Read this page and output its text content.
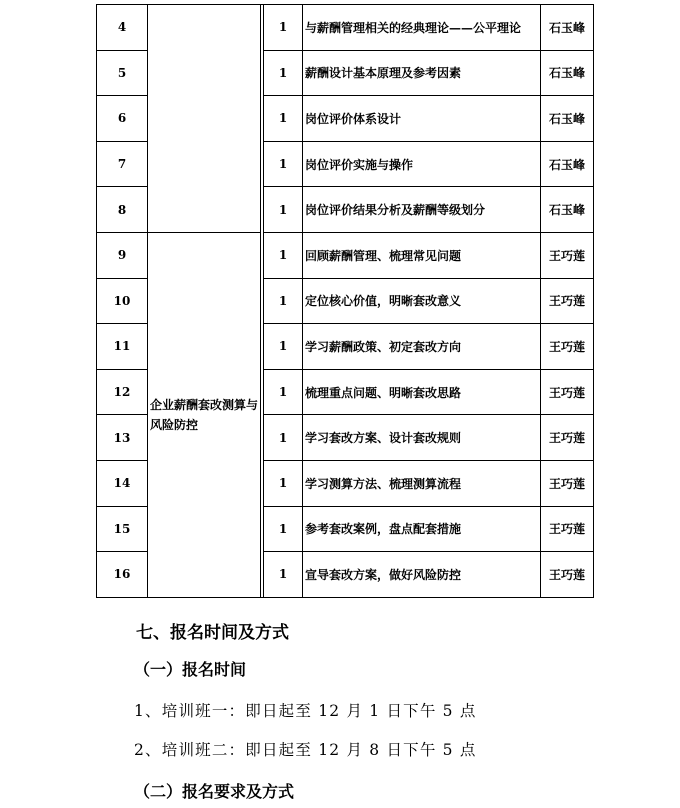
4			1	与薪酬管理相关的经典理论——公平理论	石玉峰
5			1	薪酬设计基本原理及参考因素	石玉峰
6			1	岗位评价体系设计	石玉峰
7			1	岗位评价实施与操作	石玉峰
8			1	岗位评价结果分析及薪酬等级划分	石玉峰
9	企业薪酬套改测算与风险防控		1	回顾薪酬管理、梳理常见问题	王巧莲
10			1	定位核心价值，明晰套改意义	王巧莲
11			1	学习薪酬政策、初定套改方向	王巧莲
12			1	梳理重点问题、明晰套改思路	王巧莲
13			1	学习套改方案、设计套改规则	王巧莲
14			1	学习测算方法、梳理测算流程	王巧莲
15			1	参考套改案例，盘点配套措施	王巧莲
16			1	宣导套改方案，做好风险防控	王巧莲
七、报名时间及方式
（一）报名时间
1、培训班一：即日起至 12 月 1 日下午 5 点
2、培训班二：即日起至 12 月 8 日下午 5 点
（二）报名要求及方式
